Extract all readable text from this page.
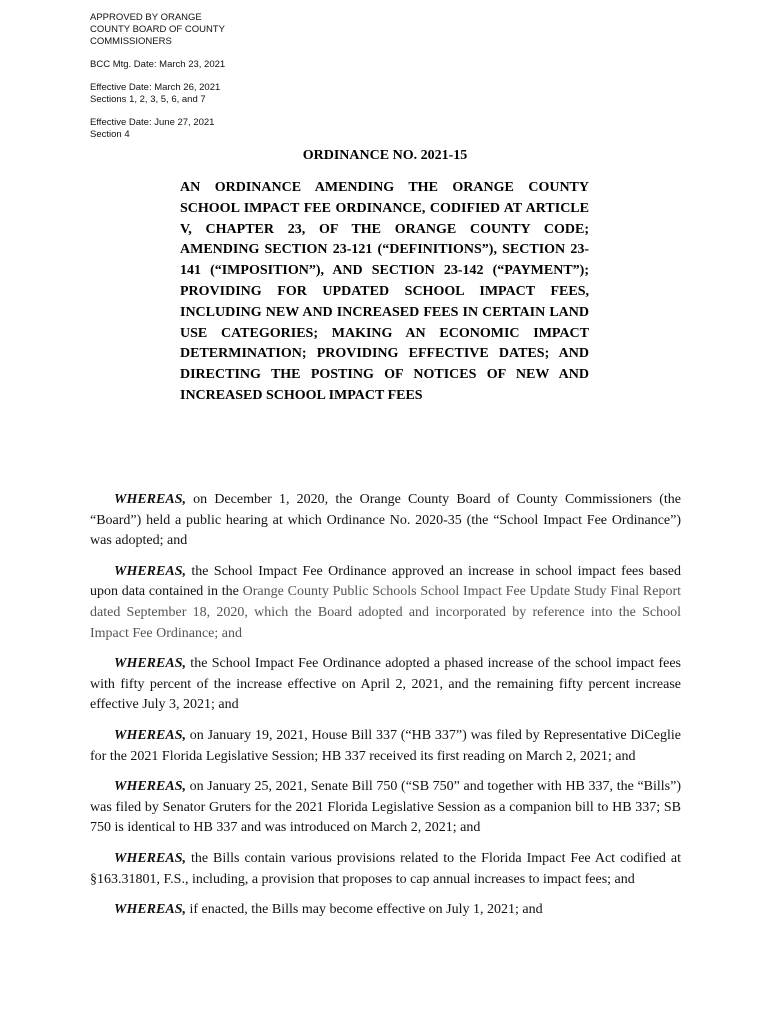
APPROVED BY ORANGE
COUNTY BOARD OF COUNTY
COMMISSIONERS

BCC Mtg. Date: March 23, 2021

Effective Date: March 26, 2021
Sections 1, 2, 3, 5, 6, and 7

Effective Date: June 27, 2021
Section 4

ORDINANCE NO. 2021-15

AN ORDINANCE AMENDING THE ORANGE COUNTY SCHOOL IMPACT FEE ORDINANCE, CODIFIED AT ARTICLE V, CHAPTER 23, OF THE ORANGE COUNTY CODE; AMENDING SECTION 23-121 (“DEFINITIONS”), SECTION 23-141 (“IMPOSITION”), AND SECTION 23-142 (“PAYMENT”); PROVIDING FOR UPDATED SCHOOL IMPACT FEES, INCLUDING NEW AND INCREASED FEES IN CERTAIN LAND USE CATEGORIES; MAKING AN ECONOMIC IMPACT DETERMINATION; PROVIDING EFFECTIVE DATES; AND DIRECTING THE POSTING OF NOTICES OF NEW AND INCREASED SCHOOL IMPACT FEES

WHEREAS, on December 1, 2020, the Orange County Board of County Commissioners (the “Board”) held a public hearing at which Ordinance No. 2020-35 (the “School Impact Fee Ordinance”) was adopted; and

WHEREAS, the School Impact Fee Ordinance approved an increase in school impact fees based upon data contained in the Orange County Public Schools School Impact Fee Update Study Final Report dated September 18, 2020, which the Board adopted and incorporated by reference into the School Impact Fee Ordinance; and

WHEREAS, the School Impact Fee Ordinance adopted a phased increase of the school impact fees with fifty percent of the increase effective on April 2, 2021, and the remaining fifty percent increase effective July 3, 2021; and

WHEREAS, on January 19, 2021, House Bill 337 (“HB 337”) was filed by Representative DiCeglie for the 2021 Florida Legislative Session; HB 337 received its first reading on March 2, 2021; and

WHEREAS, on January 25, 2021, Senate Bill 750 (“SB 750” and together with HB 337, the “Bills”) was filed by Senator Gruters for the 2021 Florida Legislative Session as a companion bill to HB 337; SB 750 is identical to HB 337 and was introduced on March 2, 2021; and

WHEREAS, the Bills contain various provisions related to the Florida Impact Fee Act codified at §163.31801, F.S., including, a provision that proposes to cap annual increases to impact fees; and

WHEREAS, if enacted, the Bills may become effective on July 1, 2021; and
